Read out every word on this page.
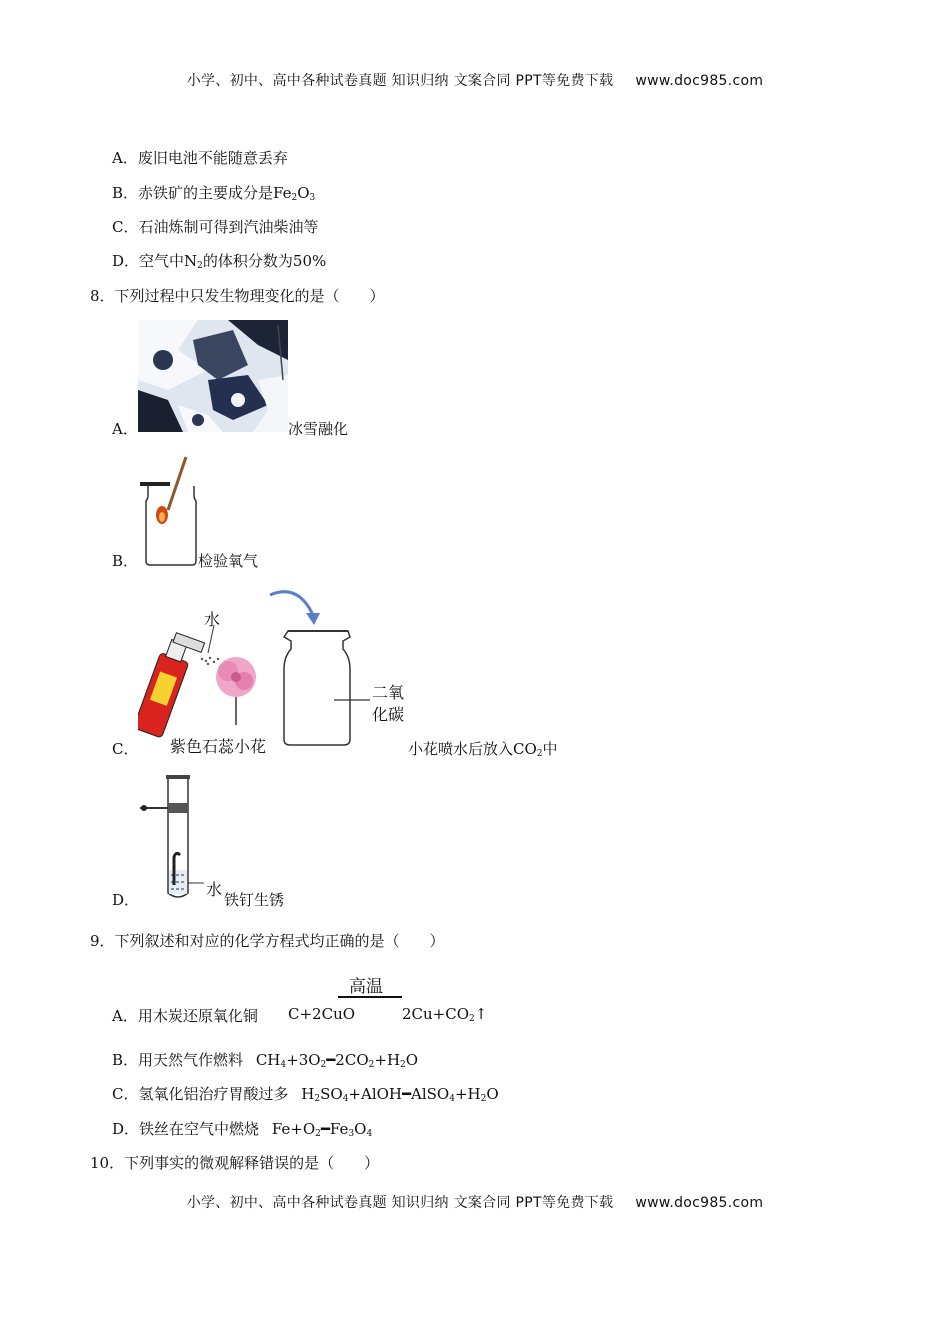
小学、初中、高中各种试卷真题 知识归纳 文案合同 PPT等免费下载 www.doc985.com
A．废旧电池不能随意丢弃
B．赤铁矿的主要成分是$Fe_2O_3$
C．石油炼制可得到汽油柴油等
D．空气中$N_2$的体积分数为50%
8．下列过程中只发生物理变化的是（　　）
A．	冰雪融化
B．	检验氧气
C．
水
紫色石蕊小花
二氧
化碳
小花喷水后放入$CO_2$中
D．
水
铁钉生锈
9．下列叙述和对应的化学方程式均正确的是（　　）
高温
A．用木炭还原氧化铜 C+2CuO	$2Cu+CO_2↑$
B．用天然气作燃料 $CH_4+3O_2━2CO_2+H_2O$
C．氢氧化铝治疗胃酸过多 $H_2SO_4+AlOH━AlSO_4+H_2O$
D．铁丝在空气中燃烧 $Fe+O_2━Fe_3O_4$
10．下列事实的微观解释错误的是（　　）
小学、初中、高中各种试卷真题 知识归纳 文案合同 PPT等免费下载 www.doc985.com
